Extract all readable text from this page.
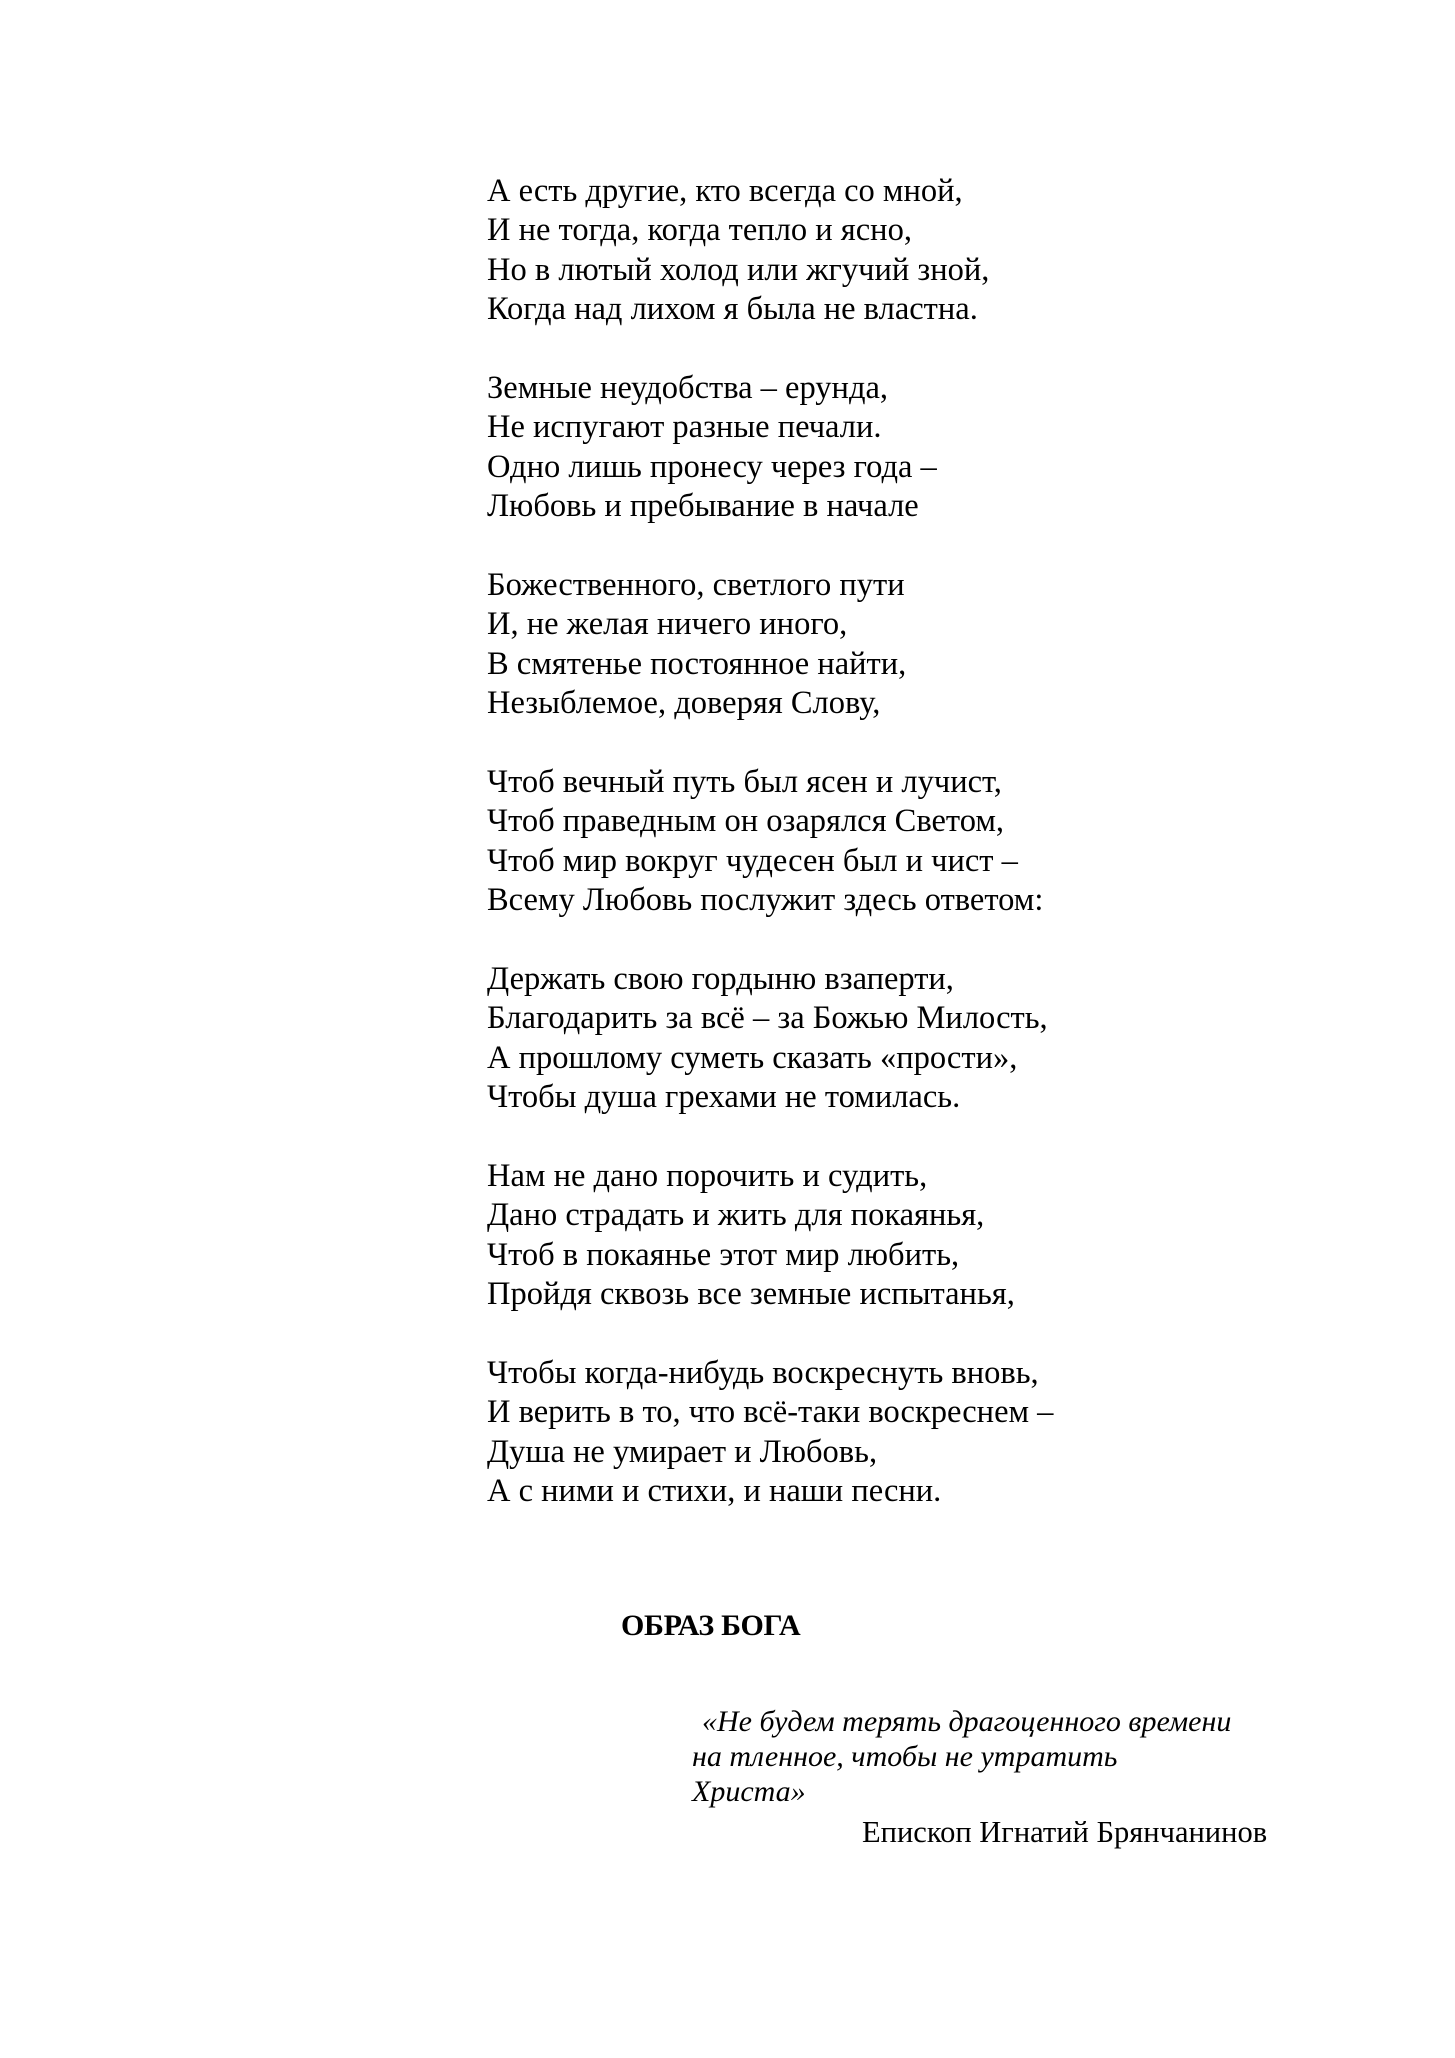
А есть другие, кто всегда со мной,
И не тогда, когда тепло и ясно,
Но в лютый холод или жгучий зной,
Когда над лихом я была не властна.
Земные неудобства – ерунда,
Не испугают разные печали.
Одно лишь пронесу через года –
Любовь и пребывание в начале
Божественного, светлого пути
И, не желая ничего иного,
В смятенье постоянное найти,
Незыблемое, доверяя Слову,
Чтоб вечный путь был ясен и лучист,
Чтоб праведным он озарялся Светом,
Чтоб мир вокруг чудесен был и чист –
Всему Любовь послужит здесь ответом:
Держать свою гордыню взаперти,
Благодарить за всё – за Божью Милость,
А прошлому суметь сказать «прости»,
Чтобы душа грехами не томилась.
Нам не дано порочить и судить,
Дано страдать и жить для покаянья,
Чтоб в покаянье этот мир любить,
Пройдя сквозь все земные испытанья,
Чтобы когда-нибудь воскреснуть вновь,
И верить в то, что всё-таки воскреснем –
Душа не умирает и Любовь,
А с ними и стихи, и наши песни.
ОБРАЗ БОГА
«Не будем терять драгоценного времени
на тленное, чтобы не утратить
Христа»
Епископ Игнатий Брянчанинов
